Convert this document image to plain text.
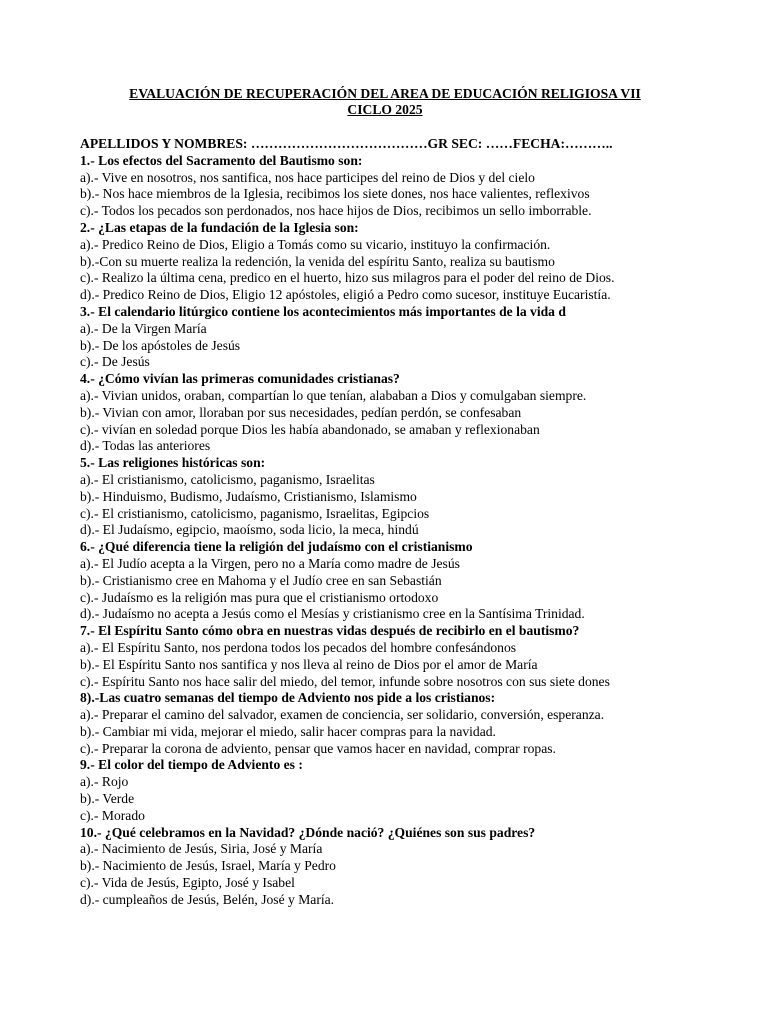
EVALUACIÓN DE RECUPERACIÓN DEL AREA DE EDUCACIÓN RELIGIOSA VII
CICLO 2025
APELLIDOS Y NOMBRES: …………………………………GR SEC: ……FECHA:………..
1.- Los efectos del Sacramento del Bautismo son:
a).- Vive en nosotros, nos santifica, nos hace participes del reino de Dios y del cielo
b).- Nos hace miembros de la Iglesia, recibimos los siete dones, nos hace valientes, reflexivos
c).- Todos los pecados son perdonados, nos hace hijos de Dios, recibimos un sello imborrable.
2.- ¿Las etapas de la fundación de la Iglesia son:
a).- Predico Reino de Dios, Eligio a Tomás como su vicario, instituyo la confirmación.
b).-Con su muerte realiza la redención, la venida del espíritu Santo, realiza su bautismo
c).- Realizo la última cena, predico en el huerto, hizo sus milagros para el poder del reino de Dios.
d).- Predico Reino de Dios, Eligio 12 apóstoles, eligió a Pedro como sucesor, instituye Eucaristía.
3.- El calendario litúrgico contiene los acontecimientos más importantes de la vida d
a).- De la Virgen María
b).- De los apóstoles de Jesús
c).- De Jesús
4.- ¿Cómo vivían las primeras comunidades cristianas?
a).- Vivian unidos, oraban, compartían lo que tenían, alababan a Dios y comulgaban siempre.
b).- Vivian con amor, lloraban por sus necesidades, pedían perdón, se confesaban
c).- vivían en soledad porque Dios les había abandonado, se amaban y reflexionaban
d).- Todas las anteriores
5.- Las religiones históricas son:
a).- El cristianismo, catolicismo, paganismo, Israelitas
b).- Hinduismo, Budismo, Judaísmo, Cristianismo, Islamismo
c).- El cristianismo, catolicismo, paganismo, Israelitas, Egipcios
d).- El Judaísmo, egipcio, maoísmo, soda licio, la meca, hindú
6.- ¿Qué diferencia tiene la religión del judaísmo con el cristianismo
a).- El Judío acepta a la Virgen, pero no a María como madre de Jesús
b).- Cristianismo cree en Mahoma y el Judío cree en san Sebastián
c).- Judaísmo es la religión mas pura que el cristianismo ortodoxo
d).- Judaísmo no acepta a Jesús como el Mesías y cristianismo cree en la Santísima Trinidad.
7.- El Espíritu Santo cómo obra en nuestras vidas después de recibirlo en el bautismo?
a).- El Espíritu Santo, nos perdona todos los pecados del hombre confesándonos
b).- El Espíritu Santo nos santifica y nos lleva al reino de Dios por el amor de María
c).- Espíritu Santo nos hace salir del miedo, del temor, infunde sobre nosotros con sus siete dones
8).-Las cuatro semanas del tiempo de Adviento nos pide a los cristianos:
a).- Preparar el camino del salvador, examen de conciencia, ser solidario, conversión, esperanza.
b).- Cambiar mi vida, mejorar el miedo, salir hacer compras para la navidad.
c).- Preparar la corona de adviento, pensar que vamos hacer en navidad, comprar ropas.
9.- El color del tiempo de Adviento es :
a).- Rojo
b).- Verde
c).- Morado
10.- ¿Qué celebramos en la Navidad? ¿Dónde nació? ¿Quiénes son sus padres?
a).- Nacimiento de Jesús, Siria, José y María
b).- Nacimiento de Jesús, Israel, María y Pedro
c).- Vida de Jesús, Egipto, José y Isabel
d).- cumpleaños de Jesús, Belén, José y María.
